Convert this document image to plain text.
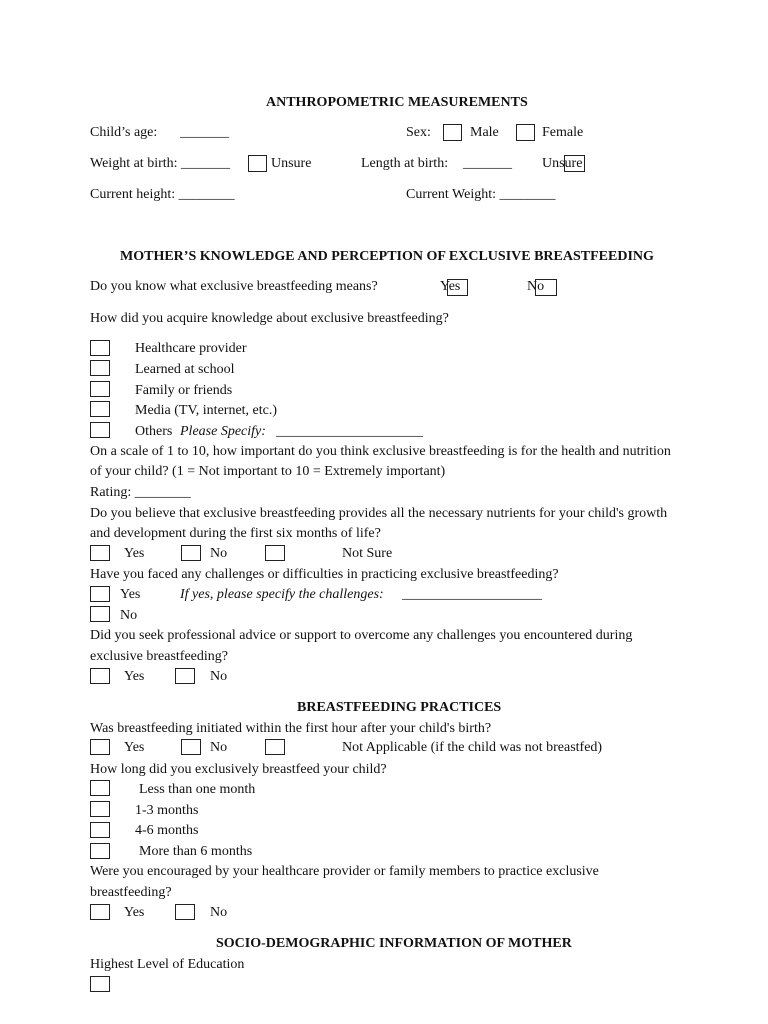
ANTHROPOMETRIC MEASUREMENTS
Child’s age: _______	Sex:	Male	Female
Weight at birth: _______	Unsure	Length at birth: _______ Unsure
Current height: ________	Current Weight: ________
MOTHER’S KNOWLEDGE AND PERCEPTION OF EXCLUSIVE BREASTFEEDING
Do you know what exclusive breastfeeding means?	Yes	No
How did you acquire knowledge about exclusive breastfeeding?
Healthcare provider
Learned at school
Family or friends
Media (TV, internet, etc.)
Others Please Specify: _____________________
On a scale of 1 to 10, how important do you think exclusive breastfeeding is for the health and nutrition
of your child? (1 = Not important to 10 = Extremely important)
Rating: ________
Do you believe that exclusive breastfeeding provides all the necessary nutrients for your child's growth
and development during the first six months of life?
Yes	No	Not Sure
Have you faced any challenges or difficulties in practicing exclusive breastfeeding?
Yes	If yes, please specify the challenges: ____________________
No
Did you seek professional advice or support to overcome any challenges you encountered during
exclusive breastfeeding?
Yes	No
BREASTFEEDING PRACTICES
Was breastfeeding initiated within the first hour after your child's birth?
Yes	No	Not Applicable (if the child was not breastfed)
How long did you exclusively breastfeed your child?
Less than one month
1-3 months
4-6 months
More than 6 months
Were you encouraged by your healthcare provider or family members to practice exclusive
breastfeeding?
Yes	No
SOCIO-DEMOGRAPHIC INFORMATION OF MOTHER
Highest Level of Education
